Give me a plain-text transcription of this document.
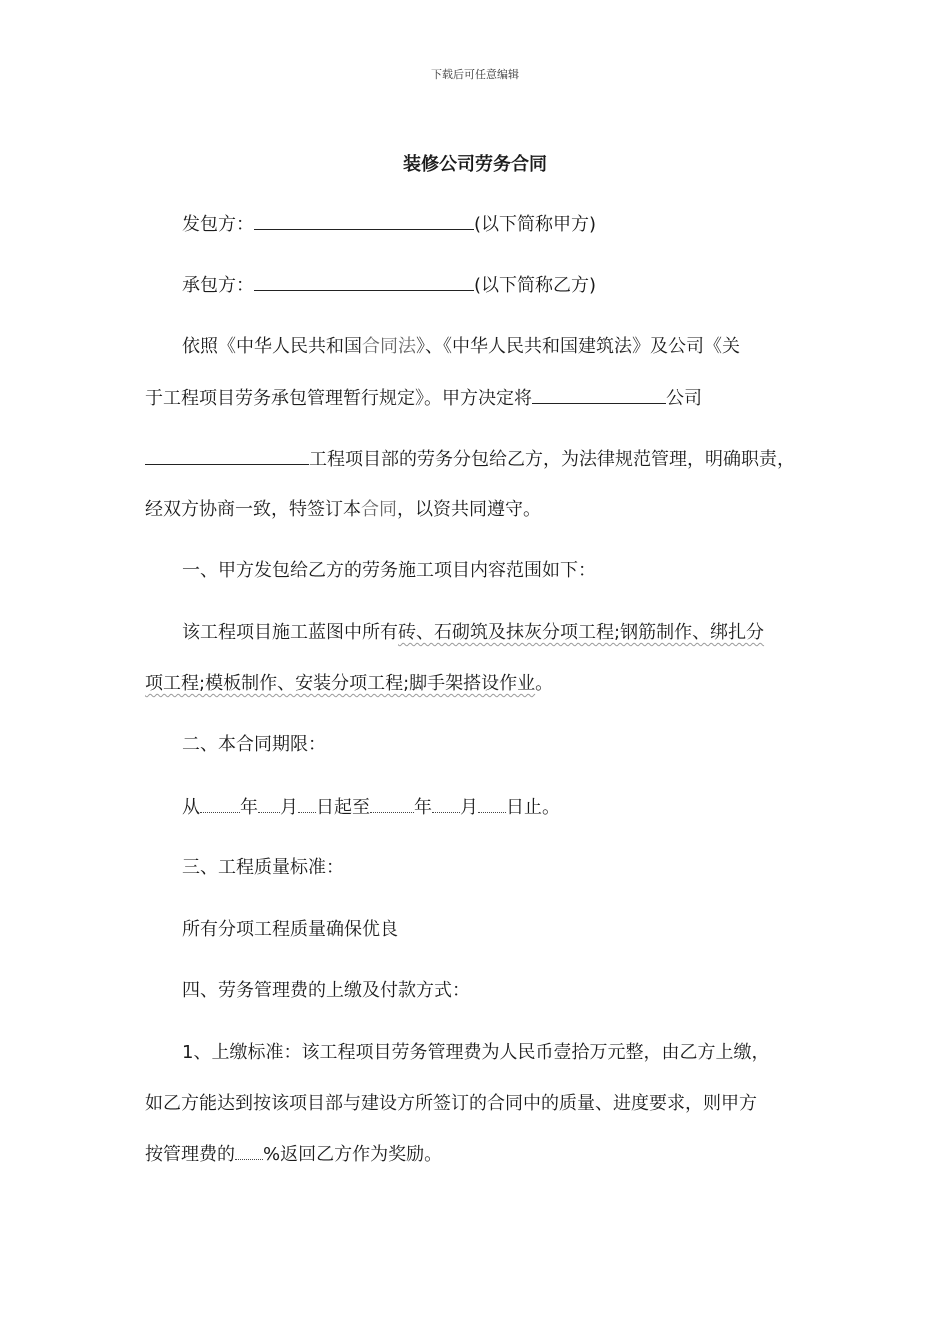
下载后可任意编辑
装修公司劳务合同
发包方：	(以下简称甲方)
承包方：	(以下简称乙方)
依照《中华人民共和国合同法》、《中华人民共和国建筑法》及公司《关
于工程项目劳务承包管理暂行规定》。甲方决定将	公司
工程项目部的劳务分包给乙方，为法律规范管理，明确职责，
经双方协商一致，特签订本合同，以资共同遵守。
一、甲方发包给乙方的劳务施工项目内容范围如下：
该工程项目施工蓝图中所有砖、石砌筑及抹灰分项工程;钢筋制作、绑扎分
项工程;模板制作、安装分项工程;脚手架搭设作业。
二、本合同期限：
从 年 月 日起至 年 月 日止。
三、工程质量标准：
所有分项工程质量确保优良
四、劳务管理费的上缴及付款方式：
1、上缴标准：该工程项目劳务管理费为人民币壹拾万元整，由乙方上缴，
如乙方能达到按该项目部与建设方所签订的合同中的质量、进度要求，则甲方
按管理费的 %返回乙方作为奖励。
